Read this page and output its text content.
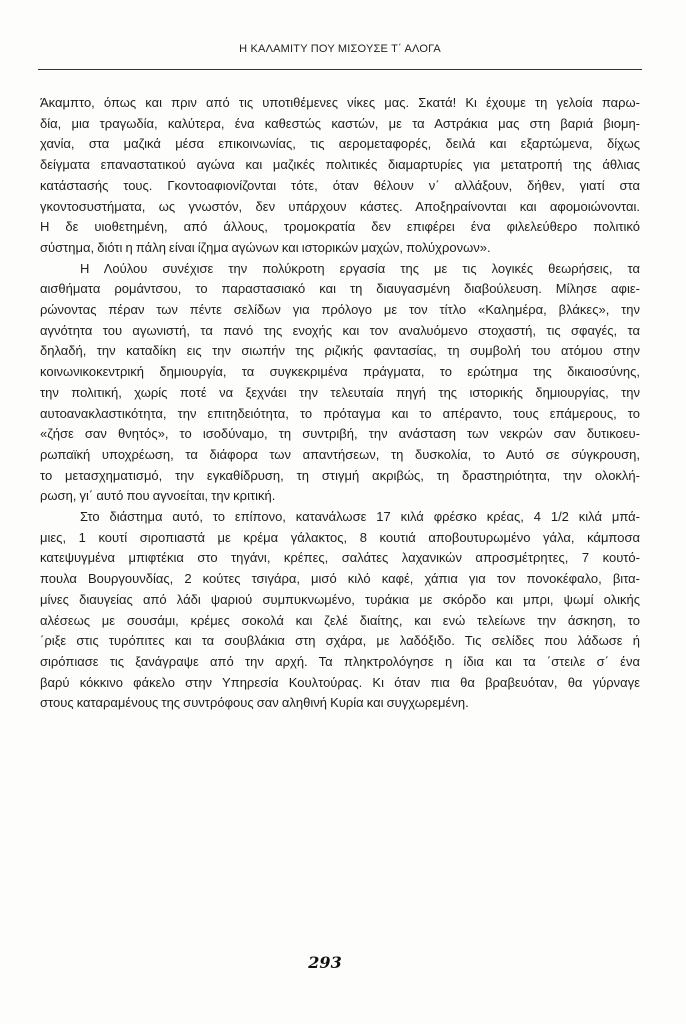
Η ΚΑΛΑΜΙΤΥ ΠΟΥ ΜΙΣΟΥΣΕ Τ΄ ΑΛΟΓΑ
Άκαμπτο, όπως και πριν από τις υποτιθέμενες νίκες μας. Σκατά! Κι έχουμε τη γελοία παρω-
δία, μια τραγωδία, καλύτερα, ένα καθεστώς καστών, με τα Αστράκια μας στη βαριά βιομη-
χανία, στα μαζικά μέσα επικοινωνίας, τις αερομεταφορές, δειλά και εξαρτώμενα, δίχως
δείγματα επαναστατικού αγώνα και μαζικές πολιτικές διαμαρτυρίες για μετατροπή της άθλιας
κατάστασής τους. Γκοντοαφιονίζονται τότε, όταν θέλουν ν΄ αλλάξουν, δήθεν, γιατί στα
γκοντοσυστήματα, ως γνωστόν, δεν υπάρχουν κάστες. Αποξηραίνονται και αφομοιώνονται.
Η δε υιοθετημένη, από άλλους, τρομοκρατία δεν επιφέρει ένα φιλελεύθερο πολιτικό
σύστημα, διότι η πάλη είναι ίζημα αγώνων και ιστορικών μαχών, πολύχρονων».
Η Λούλου συνέχισε την πολύκροτη εργασία της με τις λογικές θεωρήσεις, τα
αισθήματα ρομάντσου, το παραστασιακό και τη διαυγασμένη διαβούλευση. Μίλησε αφιε-
ρώνοντας πέραν των πέντε σελίδων για πρόλογο με τον τίτλο «Καλημέρα, βλάκες», την
αγνότητα του αγωνιστή, τα πανό της ενοχής και τον αναλυόμενο στοχαστή, τις σφαγές, τα
δηλαδή, την καταδίκη εις την σιωπήν της ριζικής φαντασίας, τη συμβολή του ατόμου στην
κοινωνικοκεντρική δημιουργία, τα συγκεκριμένα πράγματα, το ερώτημα της δικαιοσύνης,
την πολιτική, χωρίς ποτέ να ξεχνάει την τελευταία πηγή της ιστορικής δημιουργίας, την
αυτοανακλαστικότητα, την επιτηδειότητα, το πρόταγμα και το απέραντο, τους επάμερους, το
«ζήσε σαν θνητός», το ισοδύναμο, τη συντριβή, την ανάσταση των νεκρών σαν δυτικοευ-
ρωπαϊκή υποχρέωση, τα διάφορα των απαντήσεων, τη δυσκολία, το Αυτό σε σύγκρουση,
το μετασχηματισμό, την εγκαθίδρυση, τη στιγμή ακριβώς, τη δραστηριότητα, την ολοκλή-
ρωση, γι΄ αυτό που αγνοείται, την κριτική.
Στο διάστημα αυτό, το επίπονο, κατανάλωσε 17 κιλά φρέσκο κρέας, 4 1/2 κιλά μπά-
μιες, 1 κουτί σιροπιαστά με κρέμα γάλακτος, 8 κουτιά αποβουτυρωμένο γάλα, κάμποσα
κατεψυγμένα μπιφτέκια στο τηγάνι, κρέπες, σαλάτες λαχανικών απροσμέτρητες, 7 κουτό-
πουλα Βουργουνδίας, 2 κούτες τσιγάρα, μισό κιλό καφέ, χάπια για τον πονοκέφαλο, βιτα-
μίνες διαυγείας από λάδι ψαριού συμπυκνωμένο, τυράκια με σκόρδο και μπρι, ψωμί ολικής
αλέσεως με σουσάμι, κρέμες σοκολά και ζελέ διαίτης, και ενώ τελείωνε την άσκηση, το
΄ριξε στις τυρόπιτες και τα σουβλάκια στη σχάρα, με λαδόξιδο. Τις σελίδες που λάδωσε ή
σιρόπιασε τις ξανάγραψε από την αρχή. Τα πληκτρολόγησε η ίδια και τα ΄στειλε σ΄ ένα
βαρύ κόκκινο φάκελο στην Υπηρεσία Κουλτούρας. Κι όταν πια θα βραβευόταν, θα γύρναγε
στους καταραμένους της συντρόφους σαν αληθινή Κυρία και συγχωρεμένη.
293
